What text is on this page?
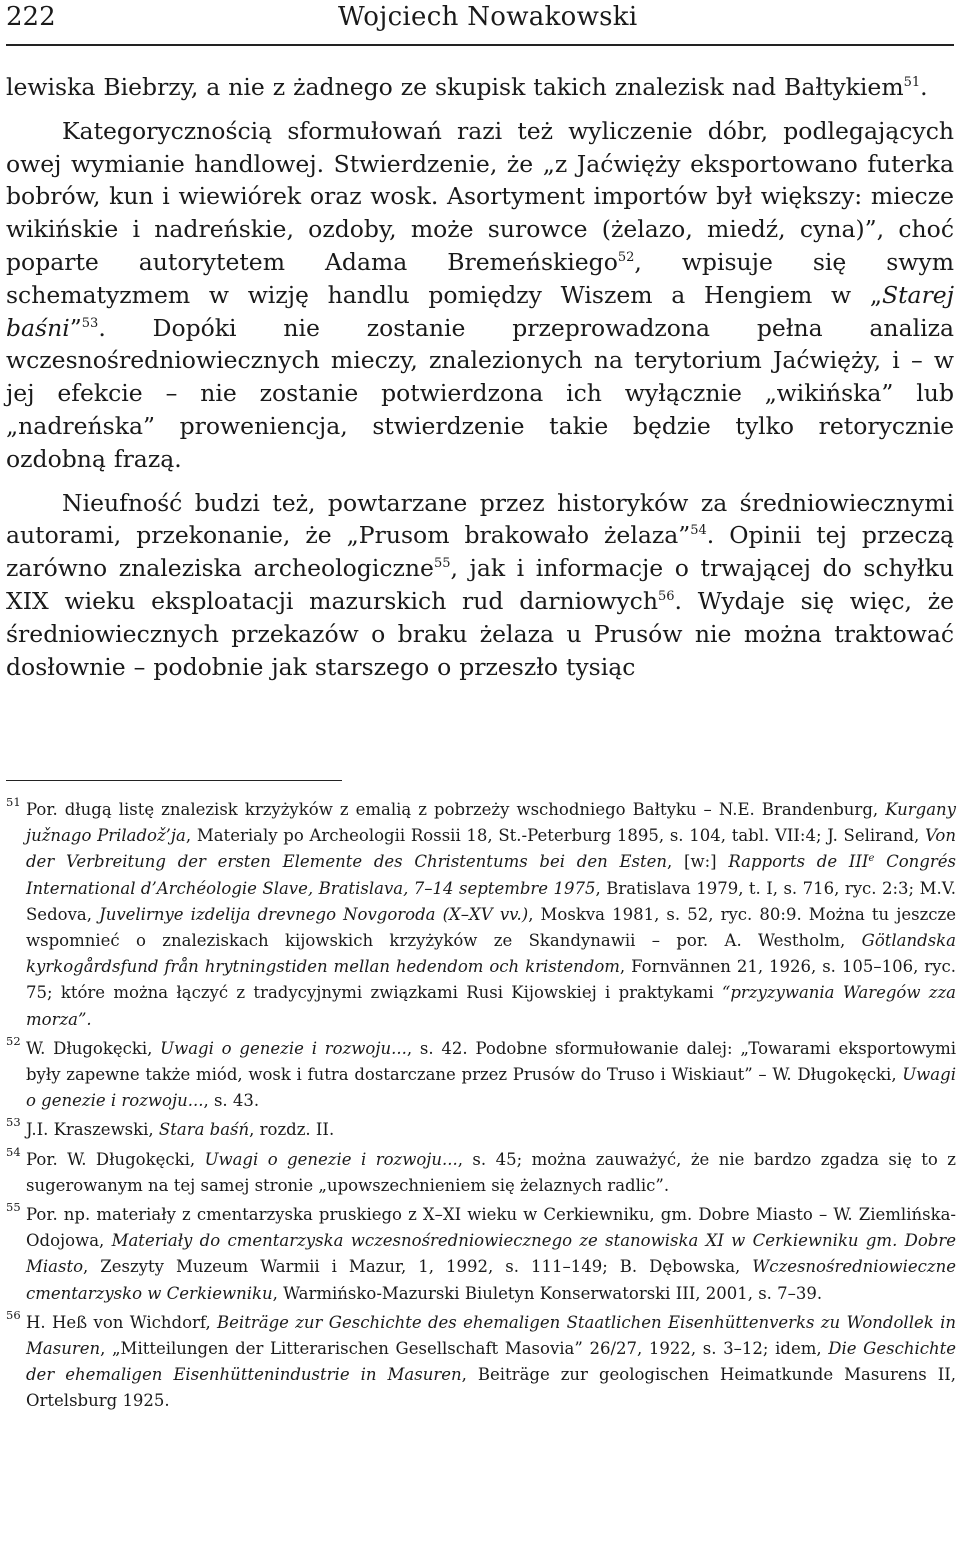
222	Wojciech Nowakowski

lewiska Biebrzy, a nie z żadnego ze skupisk takich znalezisk nad Bałtykiem$^{51}$.

Kategorycznością sformułowań razi też wyliczenie dóbr, podlegających owej wymianie handlowej. Stwierdzenie, że „z Jaćwięży eksportowano futerka bobrów, kun i wiewiórek oraz wosk. Asortyment importów był większy: miecze wikińskie i nadreńskie, ozdoby, może surowce (żelazo, miedź, cyna)”, choć poparte autorytetem Adama Bremeńskiego$^{52}$, wpisuje się swym schematyzmem w wizję handlu pomiędzy Wiszem a Hengiem w „Starej baśni”$^{53}$. Dopóki nie zostanie przeprowadzona pełna analiza wczesnośredniowiecznych mieczy, znalezionych na terytorium Jaćwięży, i – w jej efekcie – nie zostanie potwierdzona ich wyłącznie „wikińska” lub „nadreńska” proweniencja, stwierdzenie takie będzie tylko retorycznie ozdobną frazą.

Nieufność budzi też, powtarzane przez historyków za średniowiecznymi autorami, przekonanie, że „Prusom brakowało żelaza”$^{54}$. Opinii tej przeczą zarówno znaleziska archeologiczne$^{55}$, jak i informacje o trwającej do schyłku XIX wieku eksploatacji mazurskich rud darniowych$^{56}$. Wydaje się więc, że średniowiecznych przekazów o braku żelaza u Prusów nie można traktować dosłownie – podobnie jak starszego o przeszło tysiąc

51 Por. długą listę znalezisk krzyżyków z emalią z pobrzeży wschodniego Bałtyku – N.E. Brandenburg, Kurgany južnago Priladož’ja, Materialy po Archeologii Rossii 18, St.-Peterburg 1895, s. 104, tabl. VII:4; J. Selirand, Von der Verbreitung der ersten Elemente des Christentums bei den Esten, [w:] Rapports de IIIe Congrés International d’Archéologie Slave, Bratislava, 7–14 septembre 1975, Bratislava 1979, t. I, s. 716, ryc. 2:3; M.V. Sedova, Juvelirnye izdelija drevnego Novgoroda (X–XV vv.), Moskva 1981, s. 52, ryc. 80:9. Można tu jeszcze wspomnieć o znaleziskach kijowskich krzyżyków ze Skandynawii – por. A. Westholm, Götlandska kyrkogårdsfund från hrytningstiden mellan hedendom och kristendom, Fornvännen 21, 1926, s. 105–106, ryc. 75; które można łączyć z tradycyjnymi związkami Rusi Kijowskiej i praktykami “przyzywania Waregów zza morza”.

52 W. Długokęcki, Uwagi o genezie i rozwoju..., s. 42. Podobne sformułowanie dalej: „Towarami eksportowymi były zapewne także miód, wosk i futra dostarczane przez Prusów do Truso i Wiskiaut” – W. Długokęcki, Uwagi o genezie i rozwoju..., s. 43.

53 J.I. Kraszewski, Stara baśń, rozdz. II.

54 Por. W. Długokęcki, Uwagi o genezie i rozwoju..., s. 45; można zauważyć, że nie bardzo zgadza się to z sugerowanym na tej samej stronie „upowszechnieniem się żelaznych radlic”.

55 Por. np. materiały z cmentarzyska pruskiego z X–XI wieku w Cerkiewniku, gm. Dobre Miasto – W. Ziemlińska-Odojowa, Materiały do cmentarzyska wczesnośredniowiecznego ze stanowiska XI w Cerkiewniku gm. Dobre Miasto, Zeszyty Muzeum Warmii i Mazur, 1, 1992, s. 111–149; B. Dębowska, Wczesnośredniowieczne cmentarzysko w Cerkiewniku, Warmińsko-Mazurski Biuletyn Konserwatorski III, 2001, s. 7–39.

56 H. Heß von Wichdorf, Beiträge zur Geschichte des ehemaligen Staatlichen Eisenhüttenverks zu Wondollek in Masuren, „Mitteilungen der Litterarischen Gesellschaft Masovia” 26/27, 1922, s. 3–12; idem, Die Geschichte der ehemaligen Eisenhüttenindustrie in Masuren, Beiträge zur geologischen Heimatkunde Masurens II, Ortelsburg 1925.
